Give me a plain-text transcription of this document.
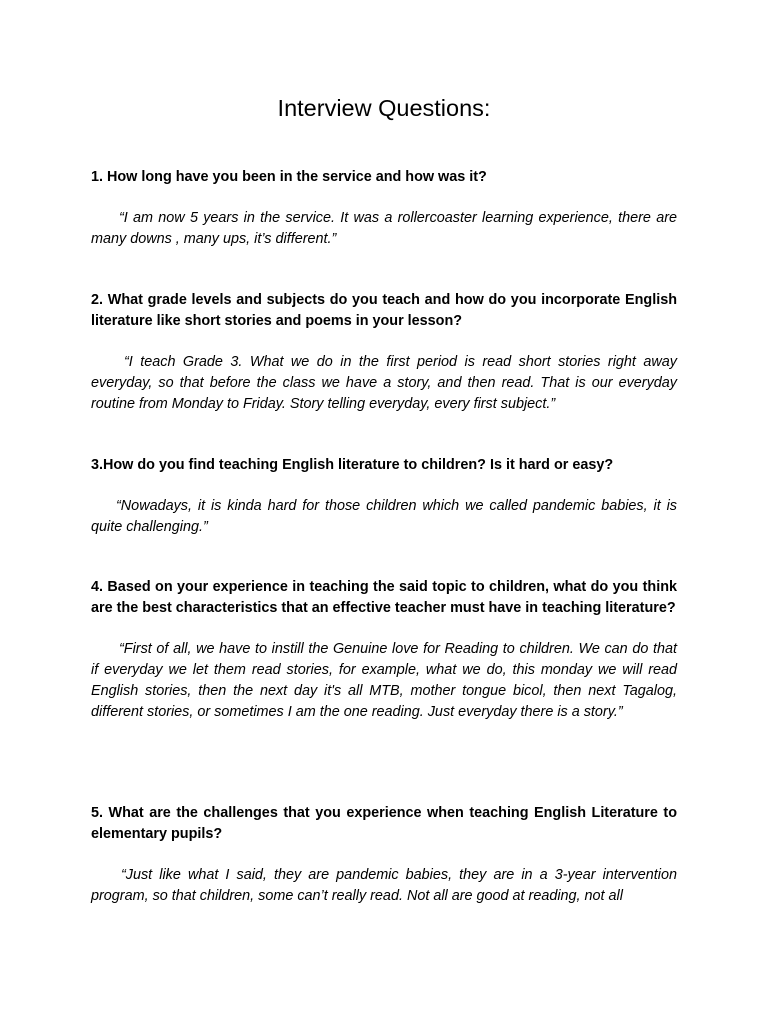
Interview Questions:

1. How long have you been in the service and how was it?

“I am now 5 years in the service. It was a rollercoaster learning experience, there are many downs , many ups, it’s different.”

2. What grade levels and subjects do you teach and how do you incorporate English literature like short stories and poems in your lesson?

“I teach Grade 3. What we do in the first period is read short stories right away everyday, so that before the class we have a story, and then read. That is our everyday routine from Monday to Friday. Story telling everyday, every first subject.”

3.How do you find teaching English literature to children? Is it hard or easy?

“Nowadays, it is kinda hard for those children which we called pandemic babies, it is quite challenging.”

4. Based on your experience in teaching the said topic to children, what do you think are the best characteristics that an effective teacher must have in teaching literature?

“First of all, we have to instill the Genuine love for Reading to children. We can do that if everyday we let them read stories, for example, what we do, this monday we will read English stories, then the next day it's all MTB, mother tongue bicol, then next Tagalog, different stories, or sometimes I am the one reading. Just everyday there is a story.”

5. What are the challenges that you experience when teaching English Literature to elementary pupils?

“Just like what I said, they are pandemic babies, they are in a 3-year intervention program, so that children, some can’t really read. Not all are good at reading, not all
